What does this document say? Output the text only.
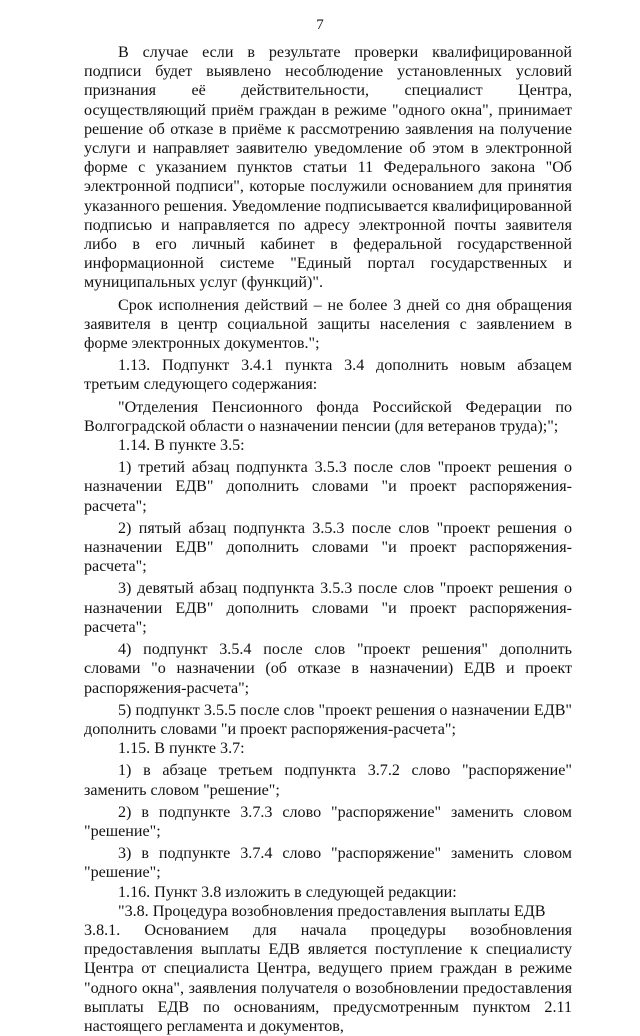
7

В случае если в результате проверки квалифицированной подписи будет выявлено несоблюдение установленных условий признания её действительности, специалист Центра, осуществляющий приём граждан в режиме "одного окна", принимает решение об отказе в приёме к рассмотрению заявления на получение услуги и направляет заявителю уведомление об этом в электронной форме с указанием пунктов статьи 11 Федерального закона "Об электронной подписи", которые послужили основанием для принятия указанного решения. Уведомление подписывается квалифицированной подписью и направляется по адресу электронной почты заявителя либо в его личный кабинет в федеральной государственной информационной системе "Единый портал государственных и муниципальных услуг (функций)".

Срок исполнения действий – не более 3 дней со дня обращения заявителя в центр социальной защиты населения с заявлением в форме электронных документов.";

1.13. Подпункт 3.4.1 пункта 3.4 дополнить новым абзацем третьим следующего содержания:

"Отделения Пенсионного фонда Российской Федерации по Волгоградской области о назначении пенсии (для ветеранов труда);";

1.14. В пункте 3.5:

1) третий абзац подпункта 3.5.3 после слов "проект решения о назначении ЕДВ" дополнить словами "и проект распоряжения-расчета";

2) пятый абзац подпункта 3.5.3 после слов "проект решения о назначении ЕДВ" дополнить словами "и проект распоряжения-расчета";

3) девятый абзац подпункта 3.5.3 после слов "проект решения о назначении ЕДВ" дополнить словами "и проект распоряжения-расчета";

4) подпункт 3.5.4 после слов "проект решения" дополнить словами "о назначении (об отказе в назначении) ЕДВ и проект распоряжения-расчета";

5) подпункт 3.5.5 после слов "проект решения о назначении ЕДВ" дополнить словами "и проект распоряжения-расчета";

1.15. В пункте 3.7:

1) в абзаце третьем подпункта 3.7.2 слово "распоряжение" заменить словом "решение";

2) в подпункте 3.7.3 слово "распоряжение" заменить словом "решение";

3) в подпункте 3.7.4 слово "распоряжение" заменить словом "решение";

1.16. Пункт 3.8 изложить в следующей редакции:

"3.8. Процедура возобновления предоставления выплаты ЕДВ

3.8.1. Основанием для начала процедуры возобновления предоставления выплаты ЕДВ является поступление к специалисту Центра от специалиста Центра, ведущего прием граждан в режиме "одного окна", заявления получателя о возобновлении предоставления выплаты ЕДВ по основаниям, предусмотренным пунктом 2.11 настоящего регламента и документов,
